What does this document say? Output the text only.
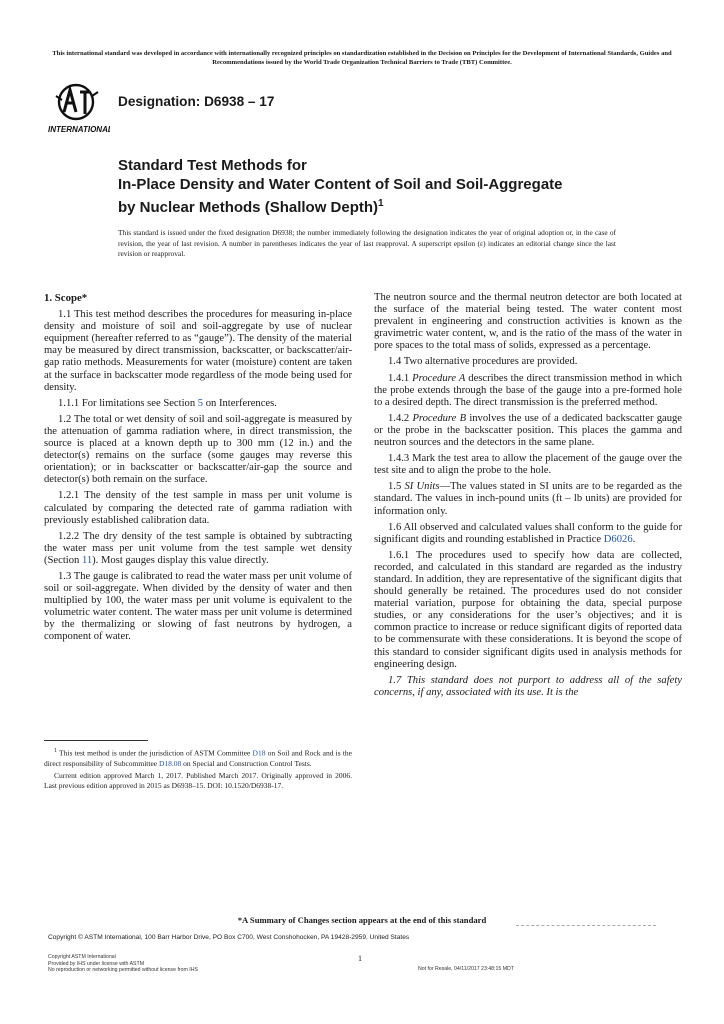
This international standard was developed in accordance with internationally recognized principles on standardization established in the Decision on Principles for the Development of International Standards, Guides and Recommendations issued by the World Trade Organization Technical Barriers to Trade (TBT) Committee.
INTERNATIONAL
Designation: D6938 – 17
Standard Test Methods for
In-Place Density and Water Content of Soil and Soil-Aggregate by Nuclear Methods (Shallow Depth)$^1$
This standard is issued under the fixed designation D6938; the number immediately following the designation indicates the year of original adoption or, in the case of revision, the year of last revision. A number in parentheses indicates the year of last reapproval. A superscript epsilon (ε) indicates an editorial change since the last revision or reapproval.
1. Scope*

1.1 This test method describes the procedures for measuring in-place density and moisture of soil and soil-aggregate by use of nuclear equipment (hereafter referred to as “gauge”). The density of the material may be measured by direct transmission, backscatter, or backscatter/air-gap ratio methods. Measurements for water (moisture) content are taken at the surface in backscatter mode regardless of the mode being used for density.

1.1.1 For limitations see Section 5 on Interferences.

1.2 The total or wet density of soil and soil-aggregate is measured by the attenuation of gamma radiation where, in direct transmission, the source is placed at a known depth up to 300 mm (12 in.) and the detector(s) remains on the surface (some gauges may reverse this orientation); or in backscatter or backscatter/air-gap the source and detector(s) both remain on the surface.

1.2.1 The density of the test sample in mass per unit volume is calculated by comparing the detected rate of gamma radiation with previously established calibration data.

1.2.2 The dry density of the test sample is obtained by subtracting the water mass per unit volume from the test sample wet density (Section 11). Most gauges display this value directly.

1.3 The gauge is calibrated to read the water mass per unit volume of soil or soil-aggregate. When divided by the density of water and then multiplied by 100, the water mass per unit volume is equivalent to the volumetric water content. The water mass per unit volume is determined by the thermalizing or slowing of fast neutrons by hydrogen, a component of water.

The neutron source and the thermal neutron detector are both located at the surface of the material being tested. The water content most prevalent in engineering and construction activities is known as the gravimetric water content, w, and is the ratio of the mass of the water in pore spaces to the total mass of solids, expressed as a percentage.

1.4 Two alternative procedures are provided.

1.4.1 Procedure A describes the direct transmission method in which the probe extends through the base of the gauge into a pre-formed hole to a desired depth. The direct transmission is the preferred method.

1.4.2 Procedure B involves the use of a dedicated backscatter gauge or the probe in the backscatter position. This places the gamma and neutron sources and the detectors in the same plane.

1.4.3 Mark the test area to allow the placement of the gauge over the test site and to align the probe to the hole.

1.5 SI Units—The values stated in SI units are to be regarded as the standard. The values in inch-pound units (ft – lb units) are provided for information only.

1.6 All observed and calculated values shall conform to the guide for significant digits and rounding established in Practice D6026.

1.6.1 The procedures used to specify how data are collected, recorded, and calculated in this standard are regarded as the industry standard. In addition, they are representative of the significant digits that should generally be retained. The procedures used do not consider material variation, purpose for obtaining the data, special purpose studies, or any considerations for the user’s objectives; and it is common practice to increase or reduce significant digits of reported data to be commensurate with these considerations. It is beyond the scope of this standard to consider significant digits used in analysis methods for engineering design.

1.7 This standard does not purport to address all of the safety concerns, if any, associated with its use. It is the

$^1$ This test method is under the jurisdiction of ASTM Committee D18 on Soil and Rock and is the direct responsibility of Subcommittee D18.08 on Special and Construction Control Tests.

Current edition approved March 1, 2017. Published March 2017. Originally approved in 2006. Last previous edition approved in 2015 as D6938–15. DOI: 10.1520/D6938-17.

*A Summary of Changes section appears at the end of this standard
Copyright © ASTM International, 100 Barr Harbor Drive, PO Box C700, West Conshohocken, PA 19428-2959. United States
Copyright ASTM International
Provided by IHS under license with ASTM
No reproduction or networking permitted without license from IHS
1
Not for Resale, 04/11/2017 23:48:15 MDT
